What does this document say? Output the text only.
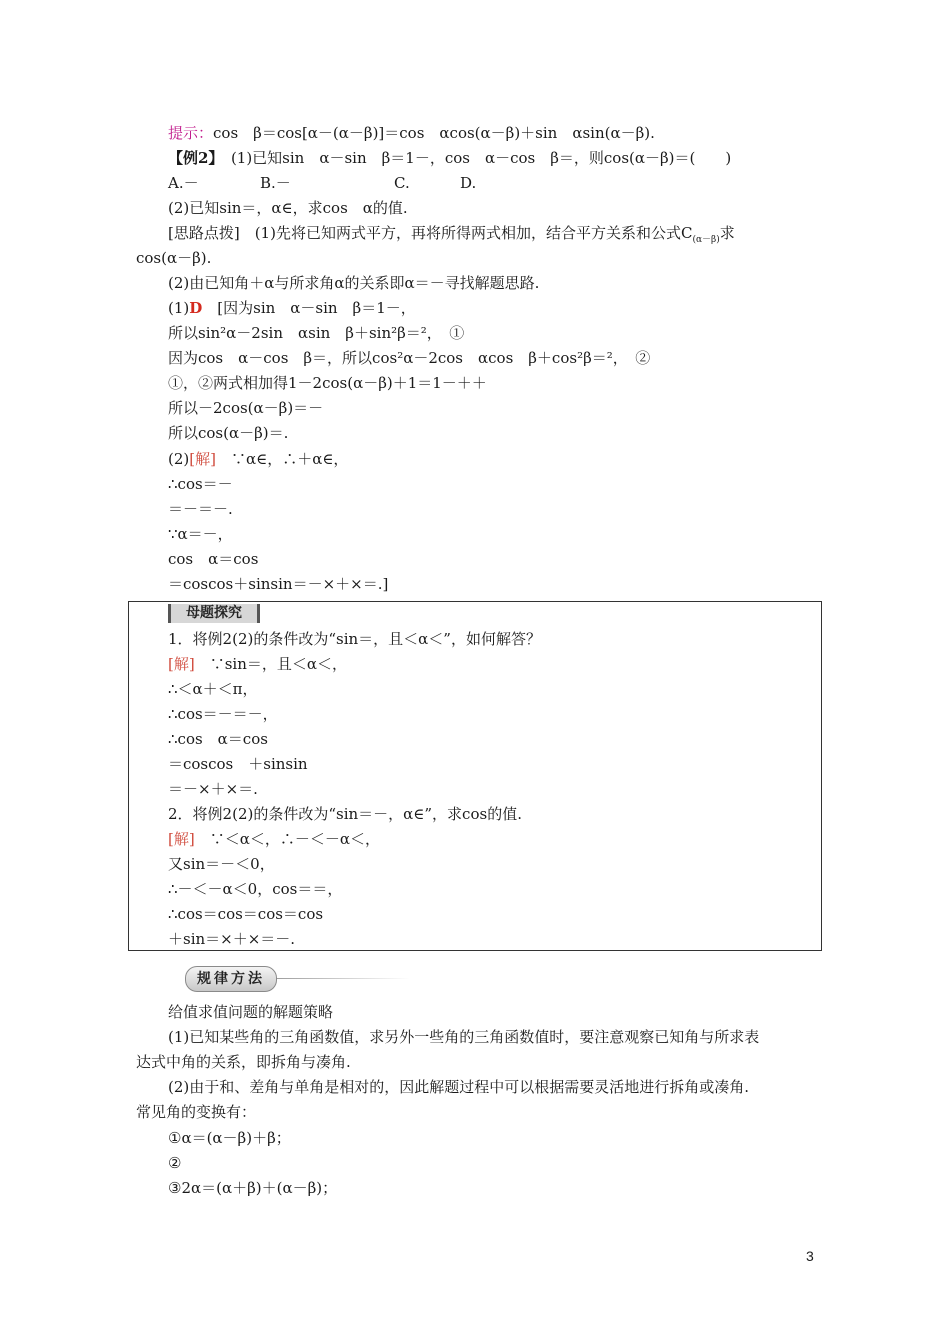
提示：cos　β＝cos[α－(α－β)]＝cos　αcos(α－β)＋sin　αsin(α－β).
【例2】　(1)已知sin　α－sin　β＝1－，cos　α－cos　β＝，则cos(α－β)＝(　　)
A.－	B.－	C.	D.
(2)已知sin＝，α∈，求cos　α的值.
[思路点拨]　(1)先将已知两式平方，再将所得两式相加，结合平方关系和公式$C_{(\alpha-\beta)}$求
cos(α－β).
(2)由已知角＋α与所求角α的关系即α＝－寻找解题思路.
(1)D　[因为sin　α－sin　β＝1－，
所以sin²α－2sin　αsin　β＋sin²β＝²，　①
因为cos　α－cos　β＝，所以cos²α－2cos　αcos　β＋cos²β＝²，　②
①，②两式相加得1－2cos(α－β)＋1＝1－＋＋
所以－2cos(α－β)＝－
所以cos(α－β)＝.
(2)[解]　∵α∈，∴＋α∈，
∴cos＝－
＝－＝－.
∵α＝－，
cos　α＝cos
＝coscos＋sinsin＝－×＋×＝.]
母题探究
1．将例2(2)的条件改为“sin＝，且＜α＜”，如何解答？
[解]　∵sin＝，且＜α＜，
∴＜α＋＜π，
∴cos＝－＝－，
∴cos　α＝cos
＝coscos　＋sinsin
＝－×＋×＝.
2．将例2(2)的条件改为“sin＝－，α∈”，求cos的值.
[解]　∵＜α＜，∴－＜－α＜，
又sin＝－＜0，
∴－＜－α＜0，cos＝＝，
∴cos＝cos＝cos＝cos
＋sin＝×＋×＝－.
规律方法
给值求值问题的解题策略
(1)已知某些角的三角函数值，求另外一些角的三角函数值时，要注意观察已知角与所求表
达式中角的关系，即拆角与凑角.
(2)由于和、差角与单角是相对的，因此解题过程中可以根据需要灵活地进行拆角或凑角.
常见角的变换有：
①α＝(α－β)＋β；
②
③2α＝(α＋β)＋(α－β)；
3
